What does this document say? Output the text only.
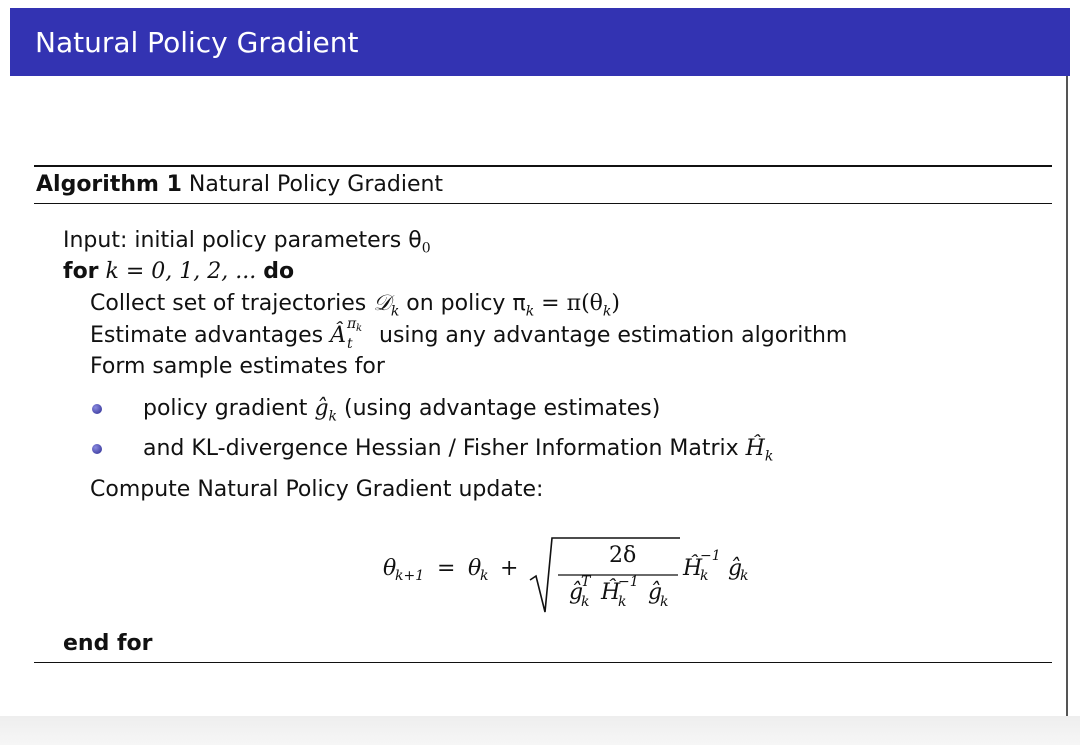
Natural Policy Gradient
Algorithm 1 Natural Policy Gradient
Input: initial policy parameters $\theta_0$
for k = 0, 1, 2, ... do
Collect set of trajectories 𝒟$_k$ on policy $\pi_k = \pi(\theta_k)$
Estimate advantages Â π k
t using any advantage estimation algorithm
Form sample estimates for
policy gradient $ĝ_k$ (using advantage estimates)
and KL-divergence Hessian / Fisher Information Matrix $Ĥ_k$
Compute Natural Policy Gradient update:
θ
k+1 = θ
k +
2δ
ĝ
T
k Ĥ
−1
k ĝ
k
Ĥ
−1
k ĝ
k
end for
